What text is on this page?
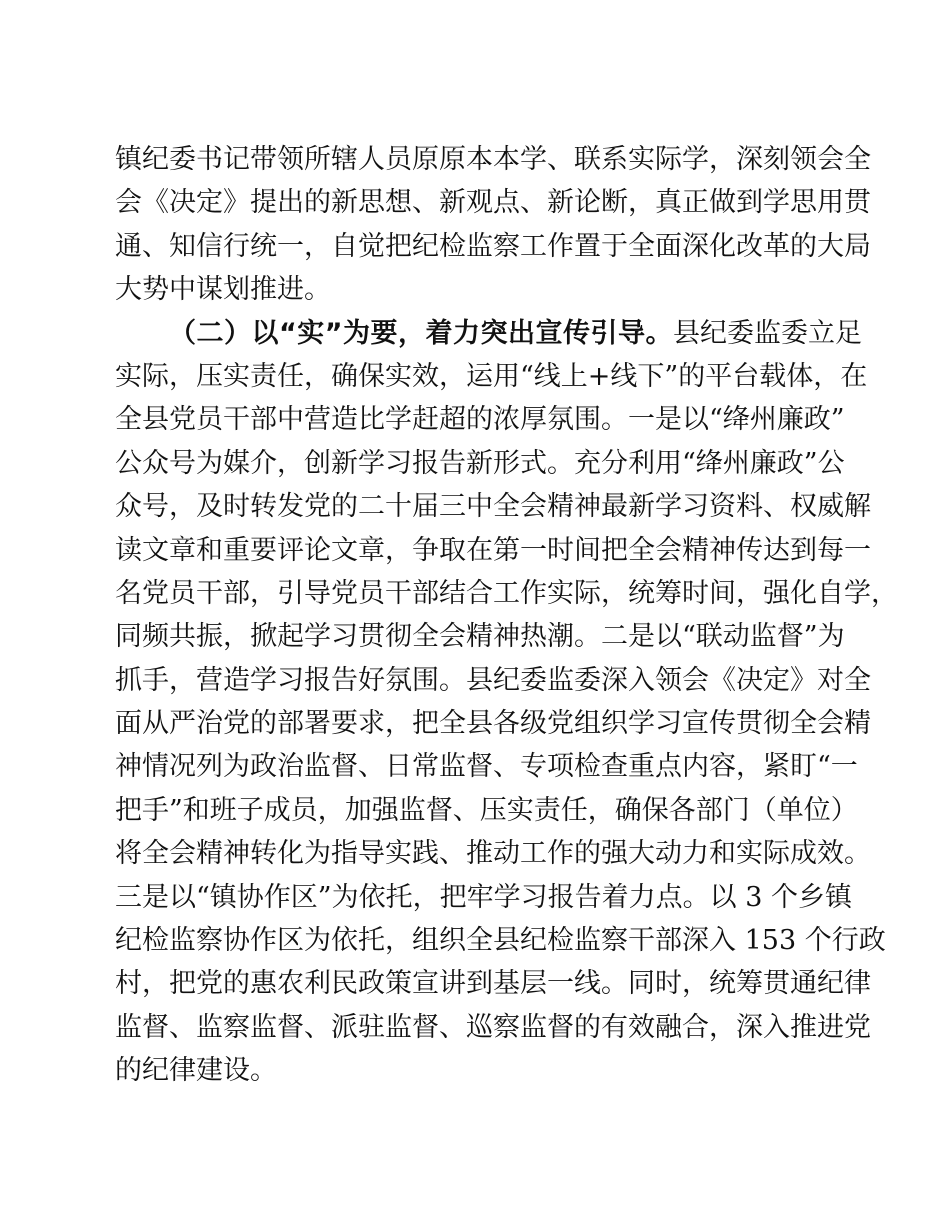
镇纪委书记带领所辖人员原原本本学、联系实际学，深刻领会全
会《决定》提出的新思想、新观点、新论断，真正做到学思用贯
通、知信行统一，自觉把纪检监察工作置于全面深化改革的大局
大势中谋划推进。
（二）以“实”为要，着力突出宣传引导。县纪委监委立足
实际，压实责任，确保实效，运用“线上+线下”的平台载体，在
全县党员干部中营造比学赶超的浓厚氛围。一是以“绛州廉政”
公众号为媒介，创新学习报告新形式。充分利用“绛州廉政”公
众号，及时转发党的二十届三中全会精神最新学习资料、权威解
读文章和重要评论文章，争取在第一时间把全会精神传达到每一
名党员干部，引导党员干部结合工作实际，统筹时间，强化自学，
同频共振，掀起学习贯彻全会精神热潮。二是以“联动监督”为
抓手，营造学习报告好氛围。县纪委监委深入领会《决定》对全
面从严治党的部署要求，把全县各级党组织学习宣传贯彻全会精
神情况列为政治监督、日常监督、专项检查重点内容，紧盯“一
把手”和班子成员，加强监督、压实责任，确保各部门（单位）
将全会精神转化为指导实践、推动工作的强大动力和实际成效。
三是以“镇协作区”为依托，把牢学习报告着力点。以 3 个乡镇
纪检监察协作区为依托，组织全县纪检监察干部深入 153 个行政
村，把党的惠农利民政策宣讲到基层一线。同时，统筹贯通纪律
监督、监察监督、派驻监督、巡察监督的有效融合，深入推进党
的纪律建设。
